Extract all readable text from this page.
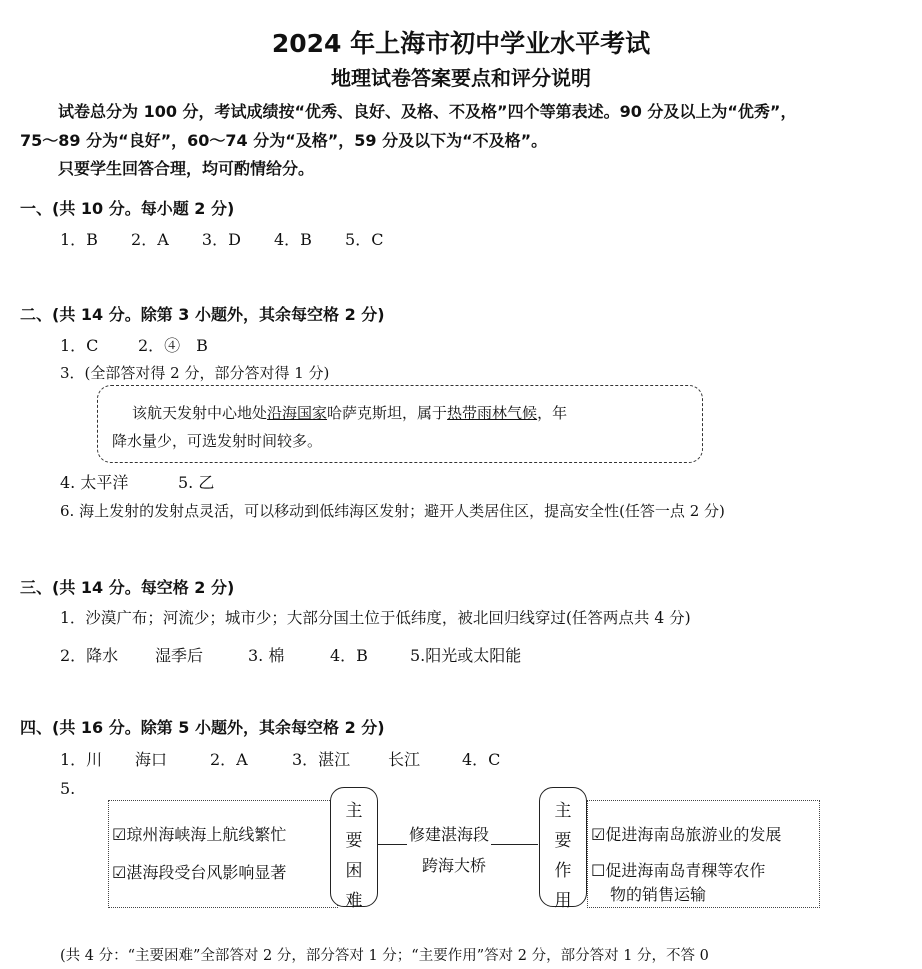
2024 年上海市初中学业水平考试
地理试卷答案要点和评分说明
试卷总分为 100 分，考试成绩按“优秀、良好、及格、不及格”四个等第表述。90 分及以上为“优秀”，
75～89 分为“良好”，60～74 分为“及格”，59 分及以下为“不及格”。
只要学生回答合理，均可酌情给分。
一、(共 10 分。每小题 2 分)
1．B 2．A 3．D 4．B 5．C
二、(共 14 分。除第 3 小题外，其余每空格 2 分)
1．C 2．④　B
3．(全部答对得 2 分，部分答对得 1 分)
该航天发射中心地处沿海国家哈萨克斯坦，属于热带雨林气候，年
降水量少，可选发射时间较多。
4. 太平洋	5. 乙
6. 海上发射的发射点灵活，可以移动到低纬海区发射；避开人类居住区，提高安全性(任答一点 2 分)
三、(共 14 分。每空格 2 分)
1．沙漠广布；河流少；城市少；大部分国土位于低纬度，被北回归线穿过(任答两点共 4 分)
2．降水 湿季后	3. 棉	4．B	5.阳光或太阳能
四、(共 16 分。除第 5 小题外，其余每空格 2 分)
1．川 海口	2．A	3．湛江 长江	4．C
5.
☑琼州海峡海上航线繁忙
☑湛海段受台风影响显著
主
要
困
难
修建湛海段
跨海大桥
主
要
作
用
☑促进海南岛旅游业的发展
☐促进海南岛青稞等农作
物的销售运输
(共 4 分：“主要困难”全部答对 2 分，部分答对 1 分；“主要作用”答对 2 分，部分答对 1 分，不答 0
